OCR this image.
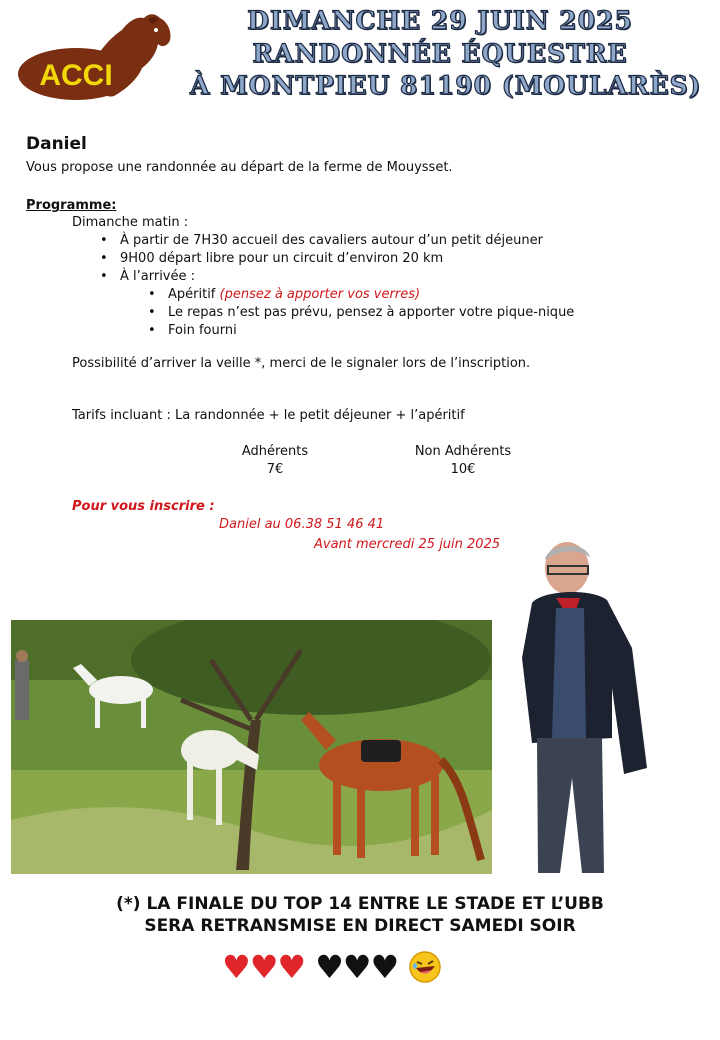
ACCI
DIMANCHE 29 JUIN 2025
RANDONNÉE ÉQUESTRE
À MONTPIEU 81190 (MOULARÈS)
Daniel
Vous propose une randonnée au départ de la ferme de Mouysset.
Programme:
Dimanche matin :
• À partir de 7H30 accueil des cavaliers autour d’un petit déjeuner
• 9H00 départ libre pour un circuit d’environ 20 km
• À l’arrivée :
• Apéritif (pensez à apporter vos verres)
• Le repas n’est pas prévu, pensez à apporter votre pique-nique
• Foin fourni
Possibilité d’arriver la veille *, merci de le signaler lors de l’inscription.
Tarifs incluant : La randonnée + le petit déjeuner + l’apéritif
Adhérents
7€
Non Adhérents
10€
Pour vous inscrire :
Daniel au 06.38 51 46 41
Avant mercredi 25 juin 2025
(*) LA FINALE DU TOP 14 ENTRE LE STADE ET L’UBB
SERA RETRANSMISE EN DIRECT SAMEDI SOIR
♥ ♥ ♥ ♥ ♥ ♥
